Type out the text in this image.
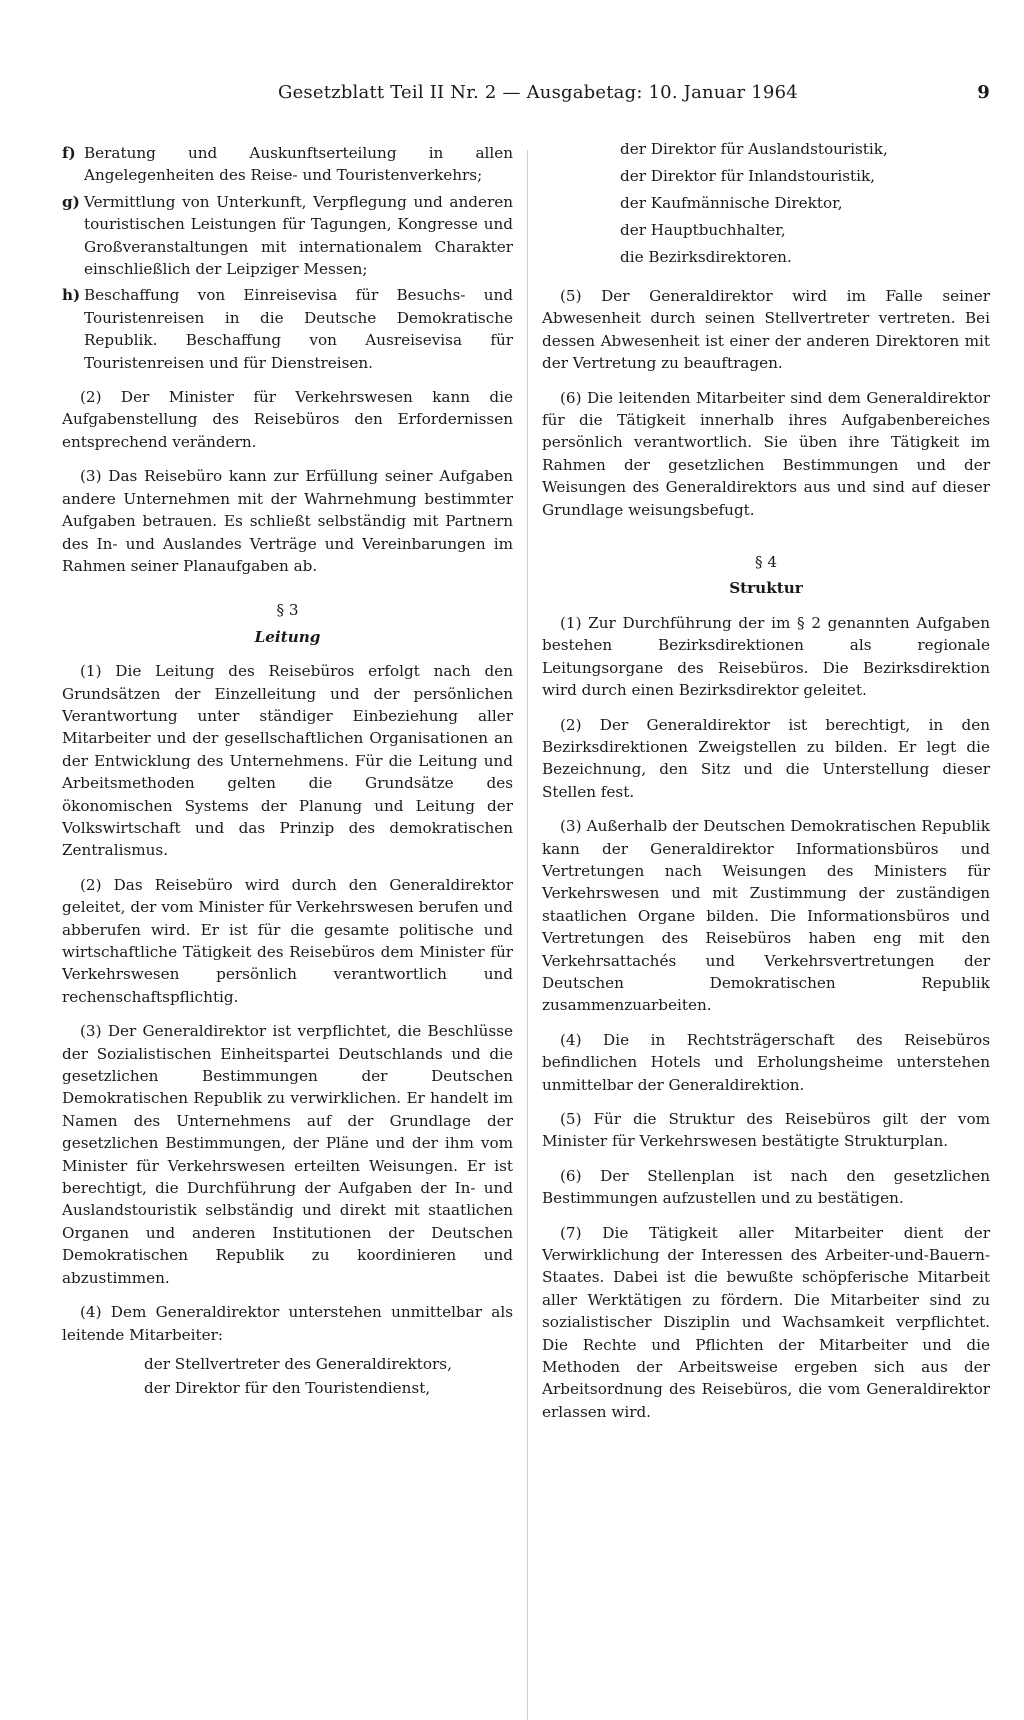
Gesetzblatt Teil II Nr. 2 — Ausgabetag: 10. Januar 1964	9
f) Beratung und Auskunftserteilung in allen Angelegenheiten des Reise- und Touristenverkehrs;
g) Vermittlung von Unterkunft, Verpflegung und anderen touristischen Leistungen für Tagungen, Kongresse und Großveranstaltungen mit internationalem Charakter einschließlich der Leipziger Messen;
h) Beschaffung von Einreisevisa für Besuchs- und Touristenreisen in die Deutsche Demokratische Republik. Beschaffung von Ausreisevisa für Touristenreisen und für Dienstreisen.

(2) Der Minister für Verkehrswesen kann die Aufgabenstellung des Reisebüros den Erfordernissen entsprechend verändern.

(3) Das Reisebüro kann zur Erfüllung seiner Aufgaben andere Unternehmen mit der Wahrnehmung bestimmter Aufgaben betrauen. Es schließt selbständig mit Partnern des In- und Auslandes Verträge und Vereinbarungen im Rahmen seiner Planaufgaben ab.

§ 3
Leitung

(1) Die Leitung des Reisebüros erfolgt nach den Grundsätzen der Einzelleitung und der persönlichen Verantwortung unter ständiger Einbeziehung aller Mitarbeiter und der gesellschaftlichen Organisationen an der Entwicklung des Unternehmens. Für die Leitung und Arbeitsmethoden gelten die Grundsätze des ökonomischen Systems der Planung und Leitung der Volkswirtschaft und das Prinzip des demokratischen Zentralismus.

(2) Das Reisebüro wird durch den Generaldirektor geleitet, der vom Minister für Verkehrswesen berufen und abberufen wird. Er ist für die gesamte politische und wirtschaftliche Tätigkeit des Reisebüros dem Minister für Verkehrswesen persönlich verantwortlich und rechenschaftspflichtig.

(3) Der Generaldirektor ist verpflichtet, die Beschlüsse der Sozialistischen Einheitspartei Deutschlands und die gesetzlichen Bestimmungen der Deutschen Demokratischen Republik zu verwirklichen. Er handelt im Namen des Unternehmens auf der Grundlage der gesetzlichen Bestimmungen, der Pläne und der ihm vom Minister für Verkehrswesen erteilten Weisungen. Er ist berechtigt, die Durchführung der Aufgaben der In- und Auslandstouristik selbständig und direkt mit staatlichen Organen und anderen Institutionen der Deutschen Demokratischen Republik zu koordinieren und abzustimmen.

(4) Dem Generaldirektor unterstehen unmittelbar als leitende Mitarbeiter:

der Stellvertreter des Generaldirektors,
der Direktor für den Touristendienst,
der Direktor für Auslandstouristik,
der Direktor für Inlandstouristik,
der Kaufmännische Direktor,
der Hauptbuchhalter,
die Bezirksdirektoren.

(5) Der Generaldirektor wird im Falle seiner Abwesenheit durch seinen Stellvertreter vertreten. Bei dessen Abwesenheit ist einer der anderen Direktoren mit der Vertretung zu beauftragen.

(6) Die leitenden Mitarbeiter sind dem Generaldirektor für die Tätigkeit innerhalb ihres Aufgabenbereiches persönlich verantwortlich. Sie üben ihre Tätigkeit im Rahmen der gesetzlichen Bestimmungen und der Weisungen des Generaldirektors aus und sind auf dieser Grundlage weisungsbefugt.

§ 4
Struktur

(1) Zur Durchführung der im § 2 genannten Aufgaben bestehen Bezirksdirektionen als regionale Leitungsorgane des Reisebüros. Die Bezirksdirektion wird durch einen Bezirksdirektor geleitet.

(2) Der Generaldirektor ist berechtigt, in den Bezirksdirektionen Zweigstellen zu bilden. Er legt die Bezeichnung, den Sitz und die Unterstellung dieser Stellen fest.

(3) Außerhalb der Deutschen Demokratischen Republik kann der Generaldirektor Informationsbüros und Vertretungen nach Weisungen des Ministers für Verkehrswesen und mit Zustimmung der zuständigen staatlichen Organe bilden. Die Informationsbüros und Vertretungen des Reisebüros haben eng mit den Verkehrsattachés und Verkehrsvertretungen der Deutschen Demokratischen Republik zusammenzuarbeiten.

(4) Die in Rechtsträgerschaft des Reisebüros befindlichen Hotels und Erholungsheime unterstehen unmittelbar der Generaldirektion.

(5) Für die Struktur des Reisebüros gilt der vom Minister für Verkehrswesen bestätigte Strukturplan.

(6) Der Stellenplan ist nach den gesetzlichen Bestimmungen aufzustellen und zu bestätigen.

(7) Die Tätigkeit aller Mitarbeiter dient der Verwirklichung der Interessen des Arbeiter-und-Bauern-Staates. Dabei ist die bewußte schöpferische Mitarbeit aller Werktätigen zu fördern. Die Mitarbeiter sind zu sozialistischer Disziplin und Wachsamkeit verpflichtet. Die Rechte und Pflichten der Mitarbeiter und die Methoden der Arbeitsweise ergeben sich aus der Arbeitsordnung des Reisebüros, die vom Generaldirektor erlassen wird.
